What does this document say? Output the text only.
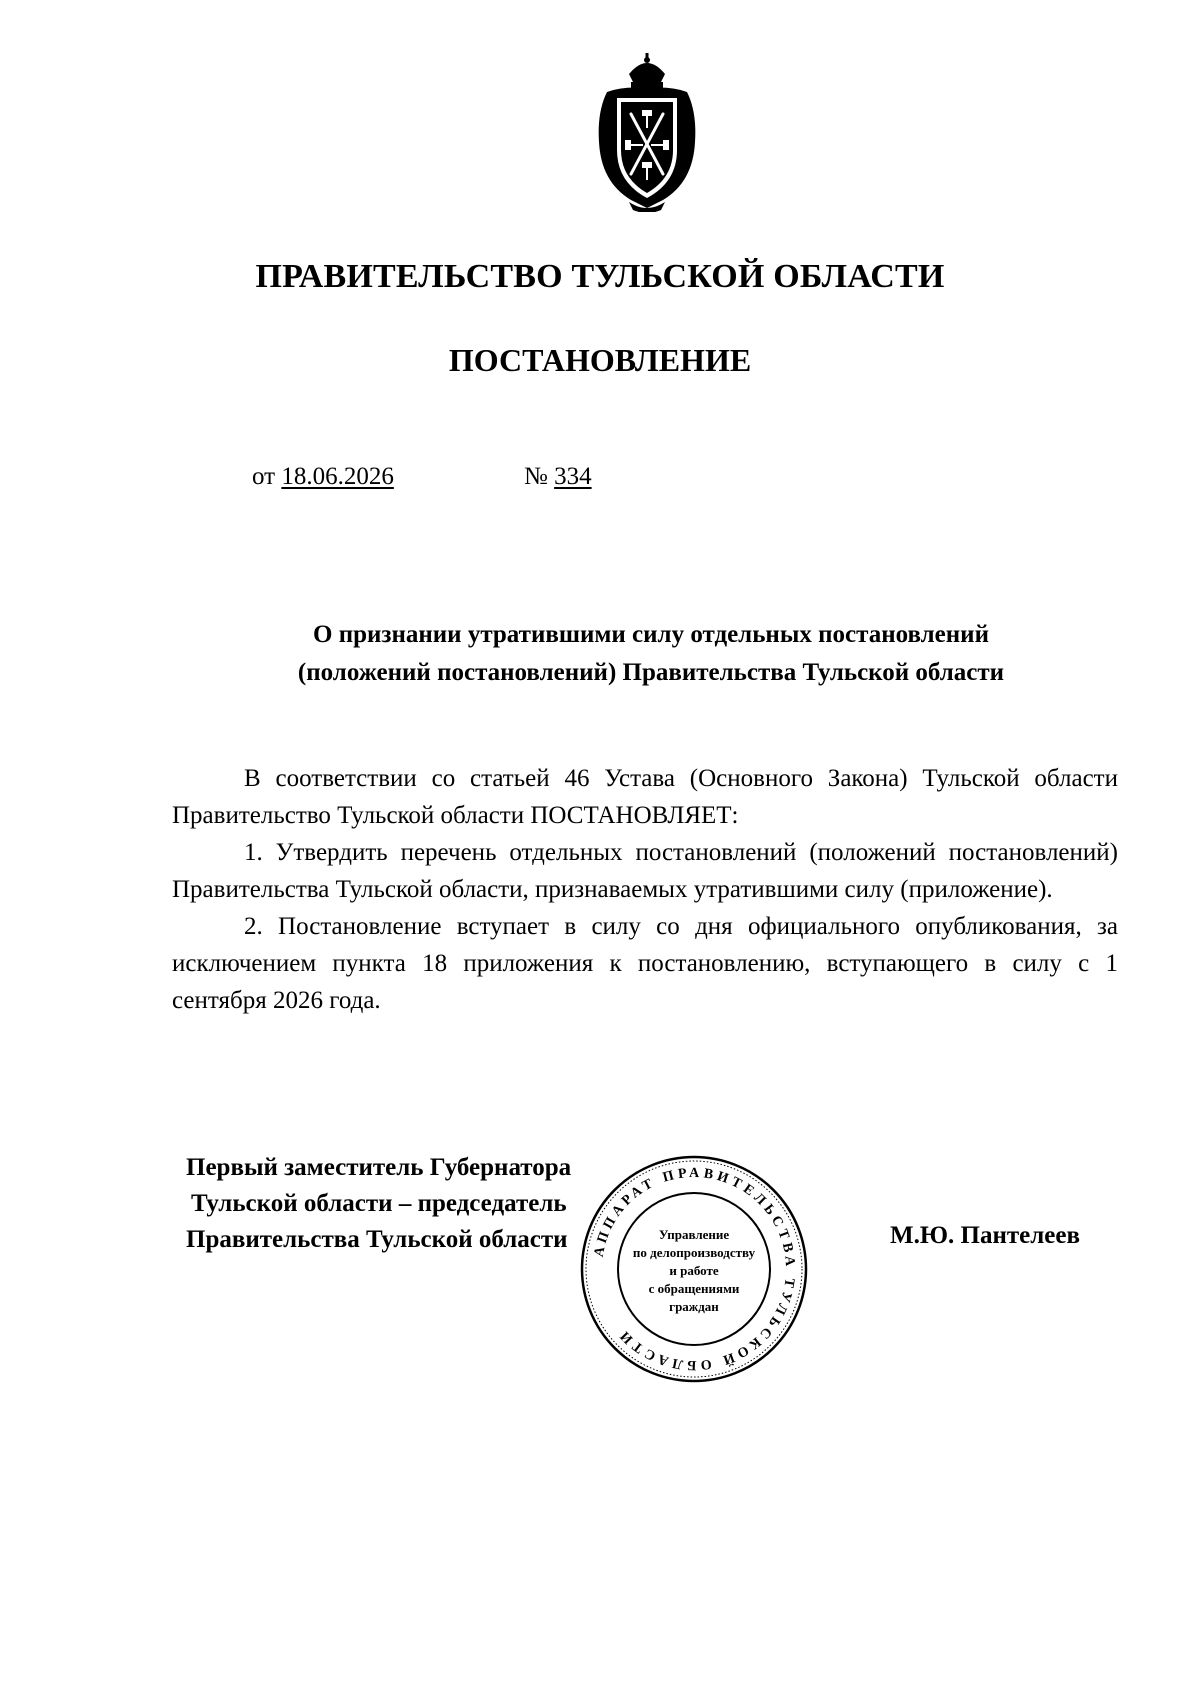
ПРАВИТЕЛЬСТВО ТУЛЬСКОЙ ОБЛАСТИ
ПОСТАНОВЛЕНИЕ
от 18.06.2026	№ 334
О признании утратившими силу отдельных постановлений
(положений постановлений) Правительства Тульской области

В соответствии со статьей 46 Устава (Основного Закона) Тульской области Правительство Тульской области ПОСТАНОВЛЯЕТ:

1. Утвердить перечень отдельных постановлений (положений постановлений) Правительства Тульской области, признаваемых утратившими силу (приложение).

2. Постановление вступает в силу со дня официального опубликования, за исключением пункта 18 приложения к постановлению, вступающего в силу с 1 сентября 2026 года.

Первый заместитель Губернатора
Тульской области – председатель
Правительства Тульской области АППАРАТ ПРАВИТЕЛЬСТВА ТУЛЬСКОЙ ОБЛАСТИ
Управление
по делопроизводству
и работе
с обращениями
граждан
М.Ю. Пантелеев
